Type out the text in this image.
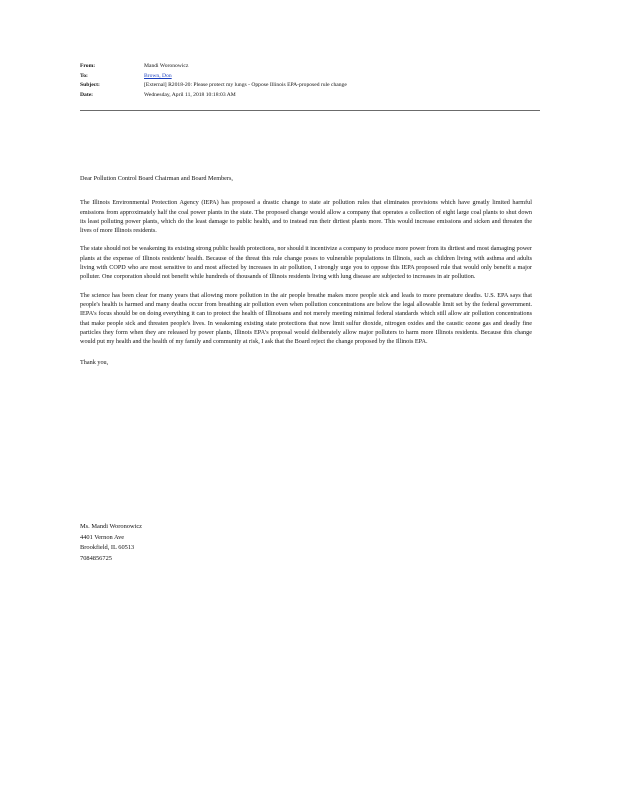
From:	Mandi Woronowicz
To:	Brown, Don
Subject:	[External] R2018-20: Please protect my lungs - Oppose Illinois EPA-proposed rule change
Date:	Wednesday, April 11, 2018 10:18:03 AM

Dear Pollution Control Board Chairman and Board Members,

The Illinois Environmental Protection Agency (IEPA) has proposed a drastic change to state air pollution rules that eliminates provisions which have greatly limited harmful emissions from approximately half the coal power plants in the state. The proposed change would allow a company that operates a collection of eight large coal plants to shut down its least polluting power plants, which do the least damage to public health, and to instead run their dirtiest plants more. This would increase emissions and sicken and threaten the lives of more Illinois residents.

The state should not be weakening its existing strong public health protections, nor should it incentivize a company to produce more power from its dirtiest and most damaging power plants at the expense of Illinois residents' health. Because of the threat this rule change poses to vulnerable populations in Illinois, such as children living with asthma and adults living with COPD who are most sensitive to and most affected by increases in air pollution, I strongly urge you to oppose this IEPA proposed rule that would only benefit a major polluter. One corporation should not benefit while hundreds of thousands of Illinois residents living with lung disease are subjected to increases in air pollution.

The science has been clear for many years that allowing more pollution in the air people breathe makes more people sick and leads to more premature deaths. U.S. EPA says that people's health is harmed and many deaths occur from breathing air pollution even when pollution concentrations are below the legal allowable limit set by the federal government. IEPA's focus should be on doing everything it can to protect the health of Illinoisans and not merely meeting minimal federal standards which still allow air pollution concentrations that make people sick and threaten people's lives. In weakening existing state protections that now limit sulfur dioxide, nitrogen oxides and the caustic ozone gas and deadly fine particles they form when they are released by power plants, Illinois EPA's proposal would deliberately allow major polluters to harm more Illinois residents. Because this change would put my health and the health of my family and community at risk, I ask that the Board reject the change proposed by the Illinois EPA.

Thank you,

Ms. Mandi Woronowicz
4401 Vernon Ave
Brookfield, IL 60513
7084856725
